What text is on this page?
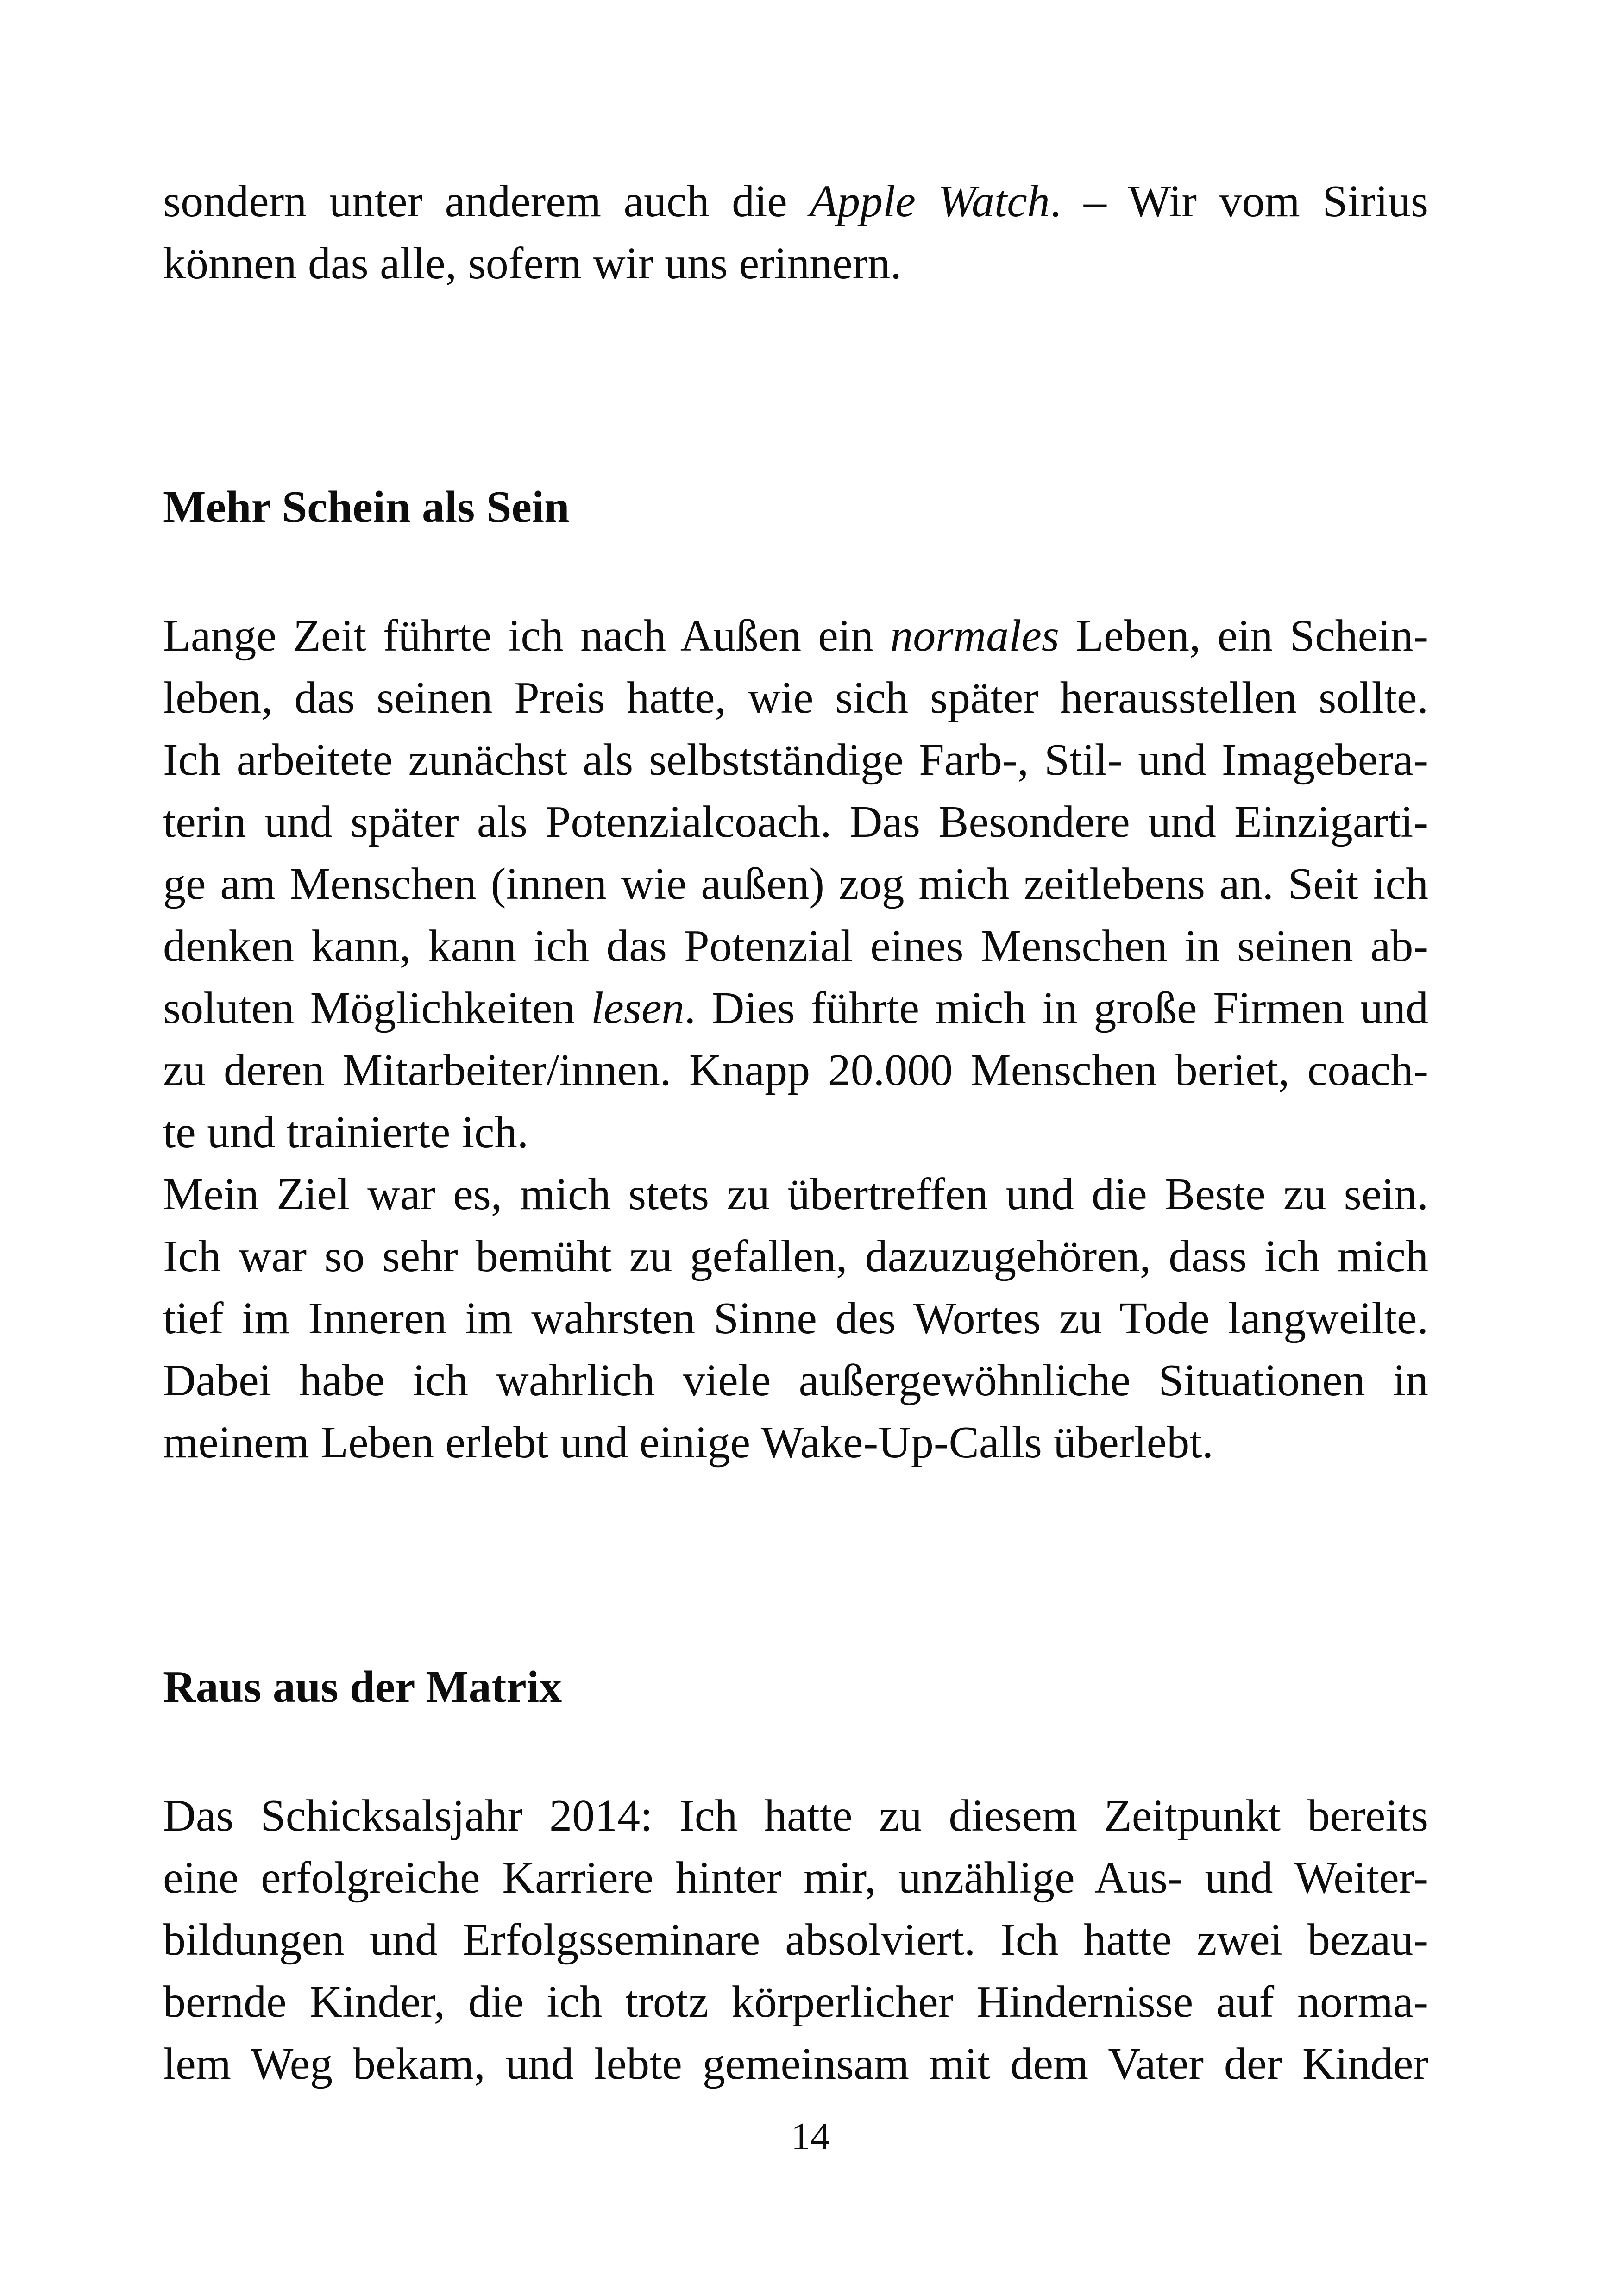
sondern unter anderem auch die Apple Watch. – Wir vom Sirius
können das alle, sofern wir uns erinnern.
Mehr Schein als Sein
Lange Zeit führte ich nach Außen ein normales Leben, ein Schein-
leben, das seinen Preis hatte, wie sich später herausstellen sollte.
Ich arbeitete zunächst als selbstständige Farb-, Stil- und Imagebera-
terin und später als Potenzialcoach. Das Besondere und Einzigarti-
ge am Menschen (innen wie außen) zog mich zeitlebens an. Seit ich
denken kann, kann ich das Potenzial eines Menschen in seinen ab-
soluten Möglichkeiten lesen. Dies führte mich in große Firmen und
zu deren Mitarbeiter/innen. Knapp 20.000 Menschen beriet, coach-
te und trainierte ich.
Mein Ziel war es, mich stets zu übertreffen und die Beste zu sein.
Ich war so sehr bemüht zu gefallen, dazuzugehören, dass ich mich
tief im Inneren im wahrsten Sinne des Wortes zu Tode langweilte.
Dabei habe ich wahrlich viele außergewöhnliche Situationen in
meinem Leben erlebt und einige Wake-Up-Calls überlebt.
Raus aus der Matrix
Das Schicksalsjahr 2014: Ich hatte zu diesem Zeitpunkt bereits
eine erfolgreiche Karriere hinter mir, unzählige Aus- und Weiter-
bildungen und Erfolgsseminare absolviert. Ich hatte zwei bezau-
bernde Kinder, die ich trotz körperlicher Hindernisse auf norma-
lem Weg bekam, und lebte gemeinsam mit dem Vater der Kinder
14
